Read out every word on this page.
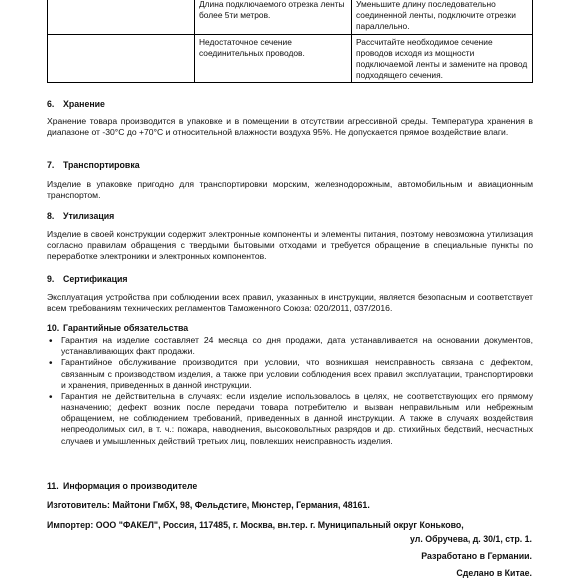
	Длина подключаемого отрезка ленты более 5ти метров.	Уменьшите длину последовательно соединенной ленты, подключите отрезки параллельно.
	Недостаточное сечение соединительных проводов.	Рассчитайте необходимое сечение проводов исходя из мощности подключаемой ленты и замените на провод подходящего сечения.
6. Хранение
Хранение товара производится в упаковке и в помещении в отсутствии агрессивной среды. Температура хранения в диапазоне от -30°С до +70°С и относительной влажности воздуха 95%. Не допускается прямое воздействие влаги.
7. Транспортировка
Изделие в упаковке пригодно для транспортировки морским, железнодорожным, автомобильным и авиационным транспортом.
8. Утилизация
Изделие в своей конструкции содержит электронные компоненты и элементы питания, поэтому невозможна утилизация согласно правилам обращения с твердыми бытовыми отходами и требуется обращение в специальные пункты по переработке электроники и электронных компонентов.
9. Сертификация
Эксплуатация устройства при соблюдении всех правил, указанных в инструкции, является безопасным и соответствует всем требованиям технических регламентов Таможенного Союза: 020/2011, 037/2016.
10. Гарантийные обязательства
• Гарантия на изделие составляет 24 месяца со дня продажи, дата устанавливается на основании документов, устанавливающих факт продажи.
• Гарантийное обслуживание производится при условии, что возникшая неисправность связана с дефектом, связанным с производством изделия, а также при условии соблюдения всех правил эксплуатации, транспортировки и хранения, приведенных в данной инструкции.
• Гарантия не действительна в случаях: если изделие использовалось в целях, не соответствующих его прямому назначению; дефект возник после передачи товара потребителю и вызван неправильным или небрежным обращением, не соблюдением требований, приведенных в данной инструкции. А также в случаях воздействия непреодолимых сил, в т. ч.: пожара, наводнения, высоковольтных разрядов и др. стихийных бедствий, несчастных случаев и умышленных действий третьих лиц, повлекших неисправность изделия.
11. Информация о производителе
Изготовитель: Майтони ГмбХ, 98, Фельдстиге, Мюнстер, Германия, 48161.
Импортер: ООО "ФАКЕЛ", Россия, 117485, г. Москва, вн.тер. г. Муниципальный округ Коньково,
ул. Обручева, д. 30/1, стр. 1.
Разработано в Германии.
Сделано в Китае.
